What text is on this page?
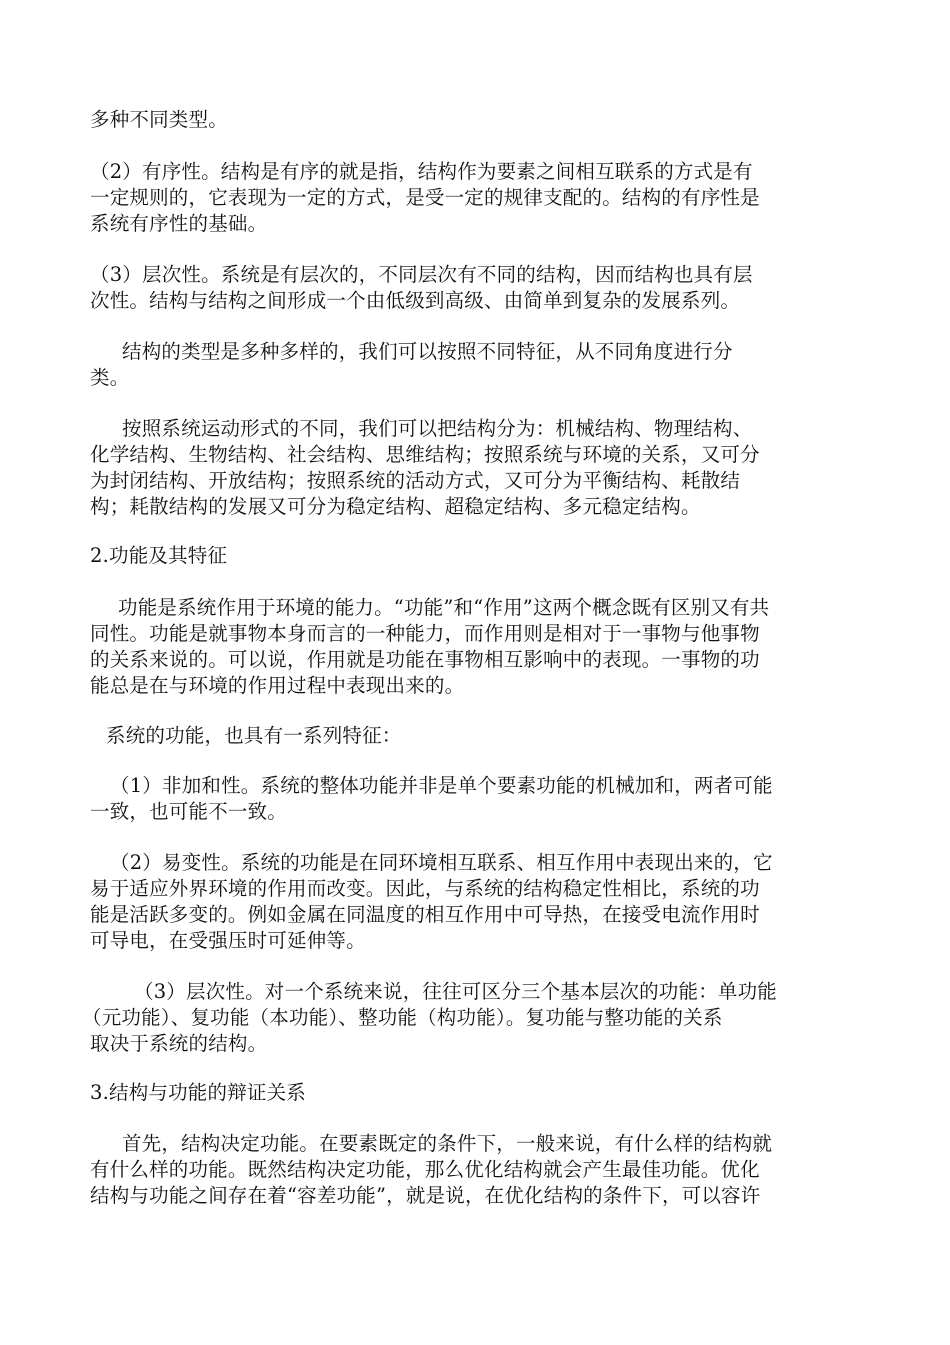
多种不同类型。
（2）有序性。结构是有序的就是指，结构作为要素之间相互联系的方式是有
一定规则的，它表现为一定的方式，是受一定的规律支配的。结构的有序性是
系统有序性的基础。
（3）层次性。系统是有层次的，不同层次有不同的结构，因而结构也具有层
次性。结构与结构之间形成一个由低级到高级、由简单到复杂的发展系列。
结构的类型是多种多样的，我们可以按照不同特征，从不同角度进行分
类。
按照系统运动形式的不同，我们可以把结构分为：机械结构、物理结构、
化学结构、生物结构、社会结构、思维结构；按照系统与环境的关系，又可分
为封闭结构、开放结构；按照系统的活动方式，又可分为平衡结构、耗散结
构；耗散结构的发展又可分为稳定结构、超稳定结构、多元稳定结构。
2.功能及其特征
功能是系统作用于环境的能力。“功能”和“作用”这两个概念既有区别又有共
同性。功能是就事物本身而言的一种能力，而作用则是相对于一事物与他事物
的关系来说的。可以说，作用就是功能在事物相互影响中的表现。一事物的功
能总是在与环境的作用过程中表现出来的。
系统的功能，也具有一系列特征：
（1）非加和性。系统的整体功能并非是单个要素功能的机械加和，两者可能
一致，也可能不一致。
（2）易变性。系统的功能是在同环境相互联系、相互作用中表现出来的，它
易于适应外界环境的作用而改变。因此，与系统的结构稳定性相比，系统的功
能是活跃多变的。例如金属在同温度的相互作用中可导热，在接受电流作用时
可导电，在受强压时可延伸等。
（3）层次性。对一个系统来说，往往可区分三个基本层次的功能：单功能
（元功能）、复功能（本功能）、整功能（构功能）。复功能与整功能的关系
取决于系统的结构。
3.结构与功能的辩证关系
首先，结构决定功能。在要素既定的条件下，一般来说，有什么样的结构就
有什么样的功能。既然结构决定功能，那么优化结构就会产生最佳功能。优化
结构与功能之间存在着“容差功能”，就是说，在优化结构的条件下，可以容许
